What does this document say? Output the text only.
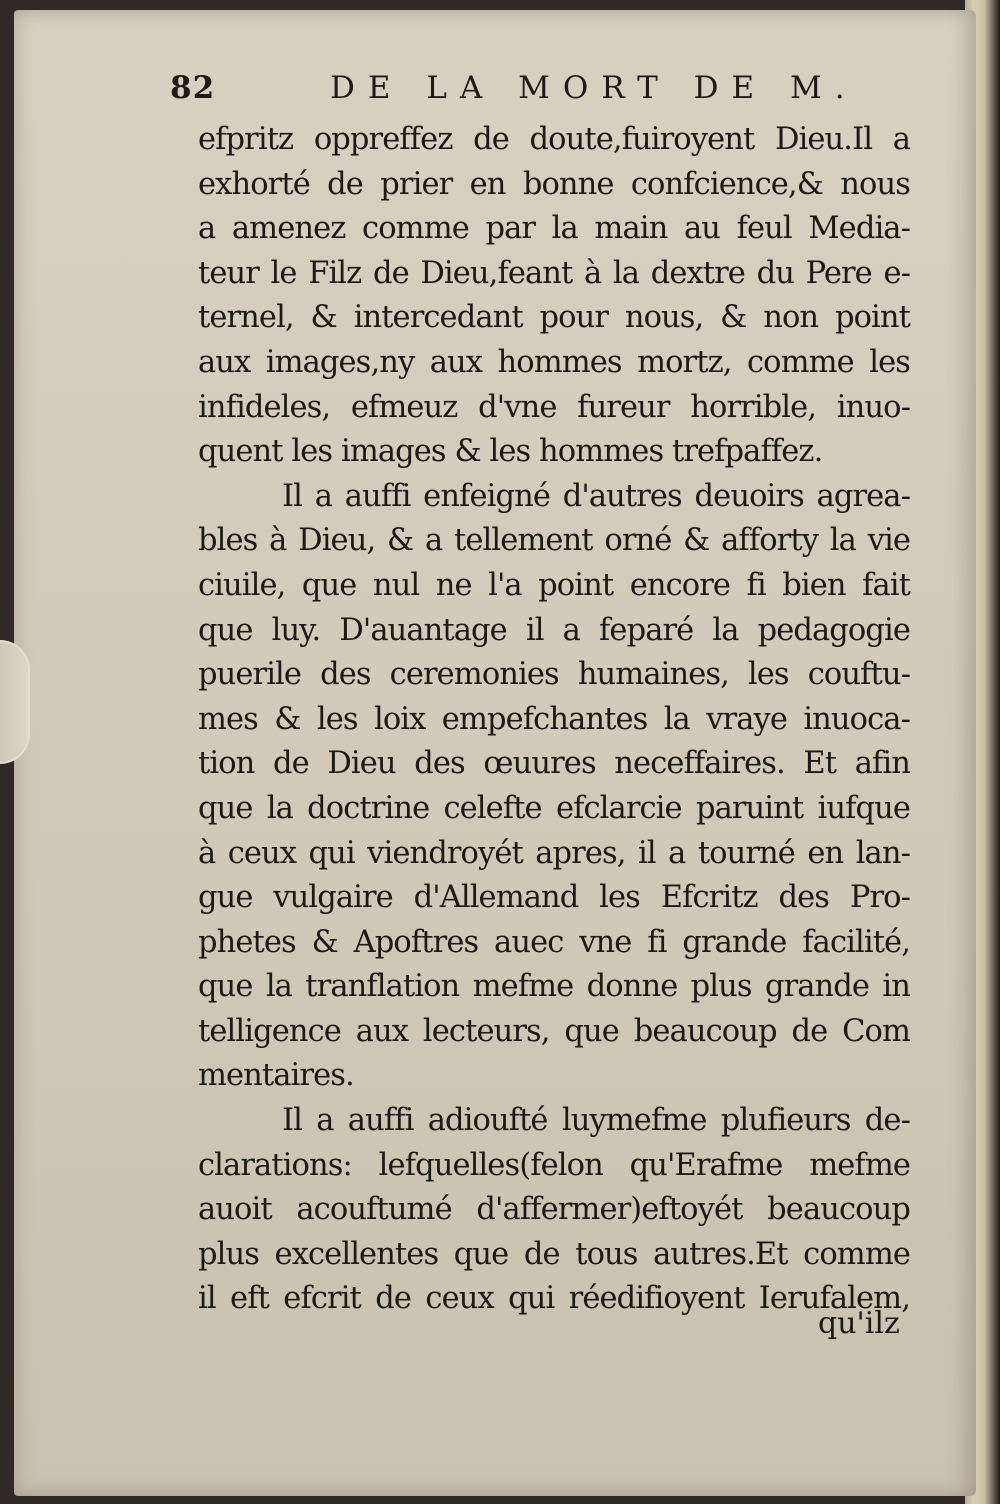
82	DE LA MORT DE M.
efpritz oppreffez de doute,fuiroyent Dieu.Il a
exhorté de prier en bonne confcience,& nous
a amenez comme par la main au feul Media-
teur le Filz de Dieu,feant à la dextre du Pere e-
ternel, & intercedant pour nous, & non point
aux images,ny aux hommes mortz, comme les
infideles, efmeuz d'vne fureur horrible, inuo-
quent les images & les hommes trefpaffez.
Il a auffi enfeigné d'autres deuoirs agrea-
bles à Dieu, & a tellement orné & afforty la vie
ciuile, que nul ne l'a point encore fi bien fait
que luy. D'auantage il a feparé la pedagogie
puerile des ceremonies humaines, les couftu-
mes & les loix empefchantes la vraye inuoca-
tion de Dieu des œuures neceffaires. Et afin
que la doctrine celefte efclarcie paruint iufque
à ceux qui viendroyét apres, il a tourné en lan-
gue vulgaire d'Allemand les Efcritz des Pro-
phetes & Apoftres auec vne fi grande facilité,
que la tranflation mefme donne plus grande in
telligence aux lecteurs, que beaucoup de Com
mentaires.
Il a auffi adioufté luymefme plufieurs de-
clarations: lefquelles(felon qu'Erafme mefme
auoit acouftumé d'affermer)eftoyét beaucoup
plus excellentes que de tous autres.Et comme
il eft efcrit de ceux qui réedifioyent Ierufalem,
qu'ilz
